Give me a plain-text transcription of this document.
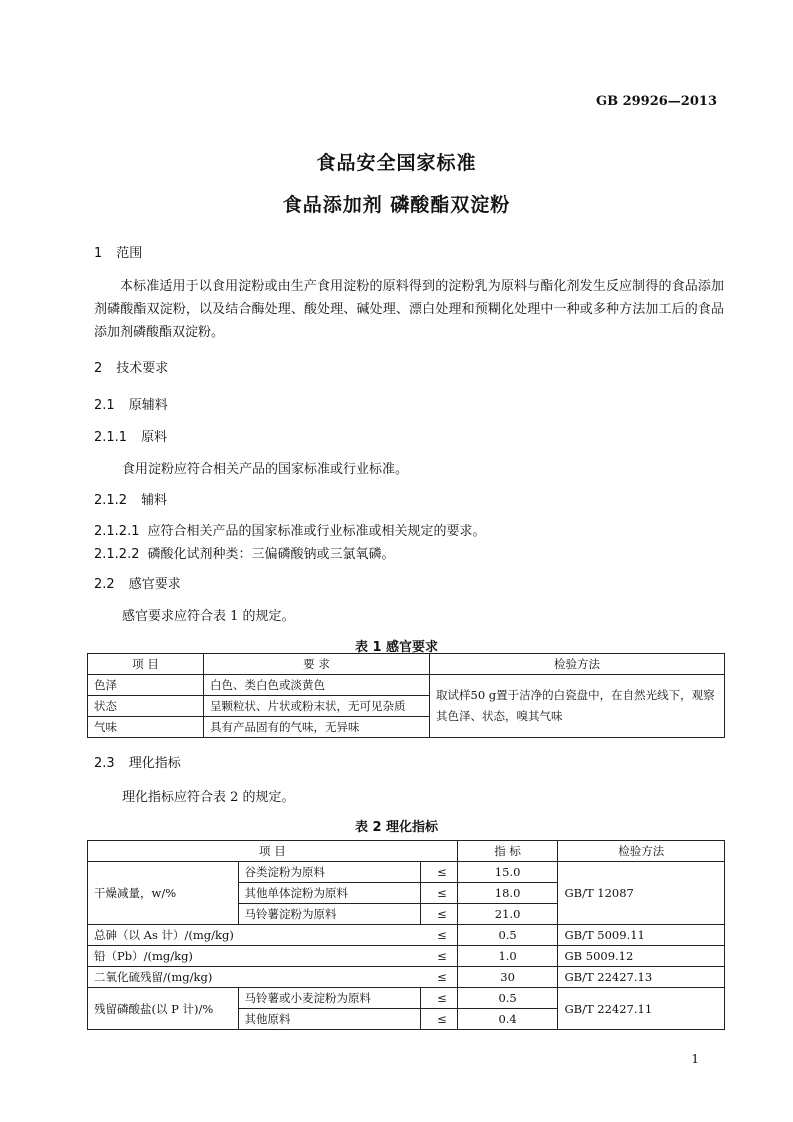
GB 29926—2013
食品安全国家标准
食品添加剂 磷酸酯双淀粉
1 范围
本标准适用于以食用淀粉或由生产食用淀粉的原料得到的淀粉乳为原料与酯化剂发生反应制得的食品添加剂磷酸酯双淀粉，以及结合酶处理、酸处理、碱处理、漂白处理和预糊化处理中一种或多种方法加工后的食品添加剂磷酸酯双淀粉。
2 技术要求
2.1 原辅料
2.1.1 原料
食用淀粉应符合相关产品的国家标准或行业标准。
2.1.2 辅料
2.1.2.1 应符合相关产品的国家标准或行业标准或相关规定的要求。
2.1.2.2 磷酸化试剂种类：三偏磷酸钠或三氯氧磷。
2.2 感官要求
感官要求应符合表 1 的规定。
表 1 感官要求
项 目	要 求	检验方法
色泽	白色、类白色或淡黄色	取试样50 g置于洁净的白瓷盘中，在自然光线下，观察其色泽、状态，嗅其气味
状态	呈颗粒状、片状或粉末状，无可见杂质	
气味	具有产品固有的气味，无异味	
2.3 理化指标
理化指标应符合表 2 的规定。
表 2 理化指标
项 目			指 标	检验方法
干燥减量，w/%	谷类淀粉为原料	≤	15.0	GB/T 12087
	其他单体淀粉为原料	≤	18.0	
	马铃薯淀粉为原料	≤	21.0	
总砷（以 As 计）/(mg/kg)		≤	0.5	GB/T 5009.11
铅（Pb）/(mg/kg)		≤	1.0	GB 5009.12
二氧化硫残留/(mg/kg)		≤	30	GB/T 22427.13
残留磷酸盐(以 P 计)/%	马铃薯或小麦淀粉为原料	≤	0.5	GB/T 22427.11
	其他原料	≤	0.4	
1
